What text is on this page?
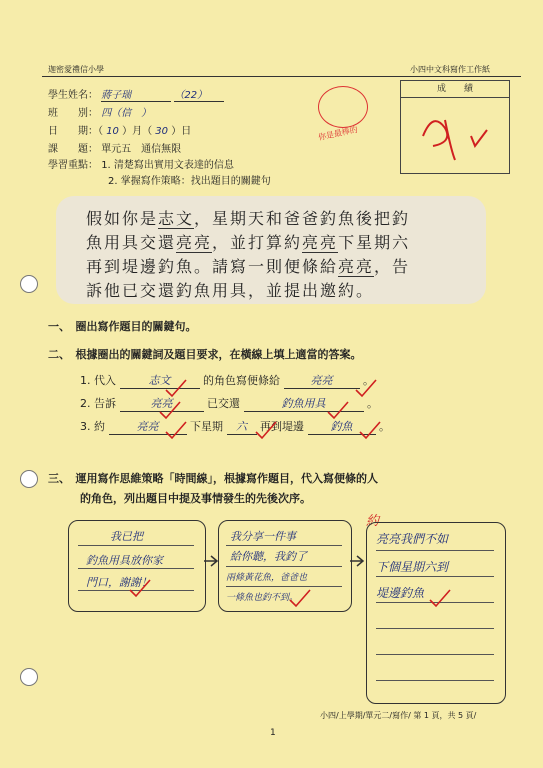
迦密愛禮信小學	小四中文科寫作工作紙
學生姓名： 蔣子瑞	（22）
班　　別： 四（信　）
日　　期：（ 10 ）月（ 30 ）日
課　　題： 單元五　通信無限
學習重點： 1. 清楚寫出實用文表達的信息
2. 掌握寫作策略：找出題目的關鍵句
你是最棒的
成　　績

假如你是志文，星期天和爸爸釣魚後把釣

魚用具交還亮亮，並打算約亮亮下星期六

再到堤邊釣魚。請寫一則便條給亮亮，告

訴他已交還釣魚用具，並提出邀約。

一、　圈出寫作題目的關鍵句。
二、　根據圈出的關鍵詞及題目要求，在橫線上填上適當的答案。
1. 代入	志文	的角色寫便條給	亮亮	。
2. 告訴	亮亮	已交還	釣魚用具	。
3. 約	亮亮	下星期 六 再到堤邊 釣魚 。
三、　運用寫作思維策略「時間線」，根據寫作題目，代入寫便條的人
的角色，列出題目中提及事情發生的先後次序。
我已把
釣魚用具放你家
門口，謝謝！
我分享一件事
給你聽，我釣了
兩條黃花魚，爸爸也
一條魚也釣不到。
約
亮亮我們不如
下個星期六到
堤邊釣魚
小四/上學期/單元二/寫作/ 第 1 頁，共 5 頁/
1
